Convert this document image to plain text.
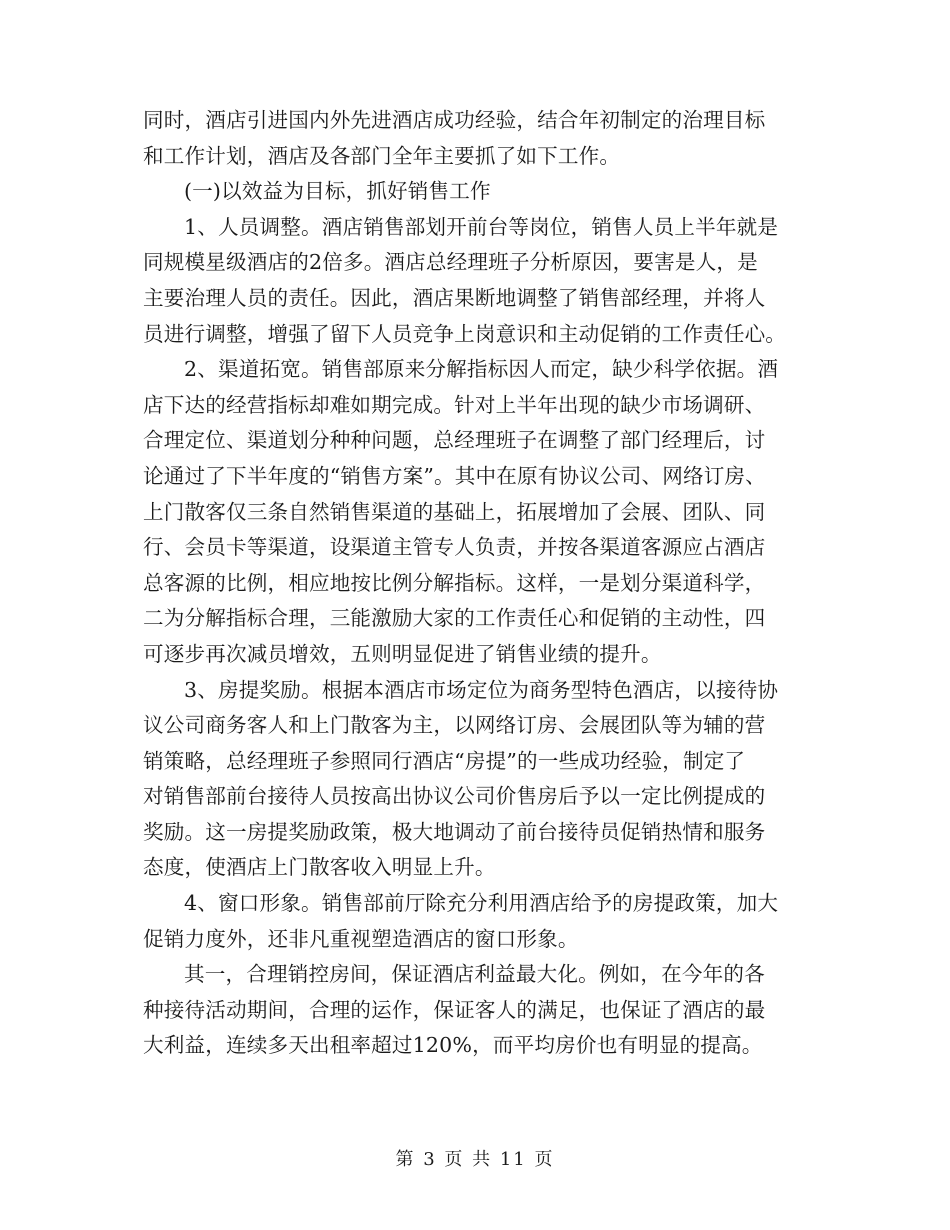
同时，酒店引进国内外先进酒店成功经验，结合年初制定的治理目标
和工作计划，酒店及各部门全年主要抓了如下工作。
(一)以效益为目标，抓好销售工作
1、人员调整。酒店销售部划开前台等岗位，销售人员上半年就是
同规模星级酒店的2倍多。酒店总经理班子分析原因，要害是人，是
主要治理人员的责任。因此，酒店果断地调整了销售部经理，并将人
员进行调整，增强了留下人员竞争上岗意识和主动促销的工作责任心。
2、渠道拓宽。销售部原来分解指标因人而定，缺少科学依据。酒
店下达的经营指标却难如期完成。针对上半年出现的缺少市场调研、
合理定位、渠道划分种种问题，总经理班子在调整了部门经理后，讨
论通过了下半年度的“销售方案”。其中在原有协议公司、网络订房、
上门散客仅三条自然销售渠道的基础上，拓展增加了会展、团队、同
行、会员卡等渠道，设渠道主管专人负责，并按各渠道客源应占酒店
总客源的比例，相应地按比例分解指标。这样，一是划分渠道科学，
二为分解指标合理，三能激励大家的工作责任心和促销的主动性，四
可逐步再次减员增效，五则明显促进了销售业绩的提升。
3、房提奖励。根据本酒店市场定位为商务型特色酒店，以接待协
议公司商务客人和上门散客为主，以网络订房、会展团队等为辅的营
销策略，总经理班子参照同行酒店“房提”的一些成功经验，制定了
对销售部前台接待人员按高出协议公司价售房后予以一定比例提成的
奖励。这一房提奖励政策，极大地调动了前台接待员促销热情和服务
态度，使酒店上门散客收入明显上升。
4、窗口形象。销售部前厅除充分利用酒店给予的房提政策，加大
促销力度外，还非凡重视塑造酒店的窗口形象。
其一，合理销控房间，保证酒店利益最大化。例如，在今年的各
种接待活动期间，合理的运作，保证客人的满足，也保证了酒店的最
大利益，连续多天出租率超过120%，而平均房价也有明显的提高。
第 3 页 共 11 页
